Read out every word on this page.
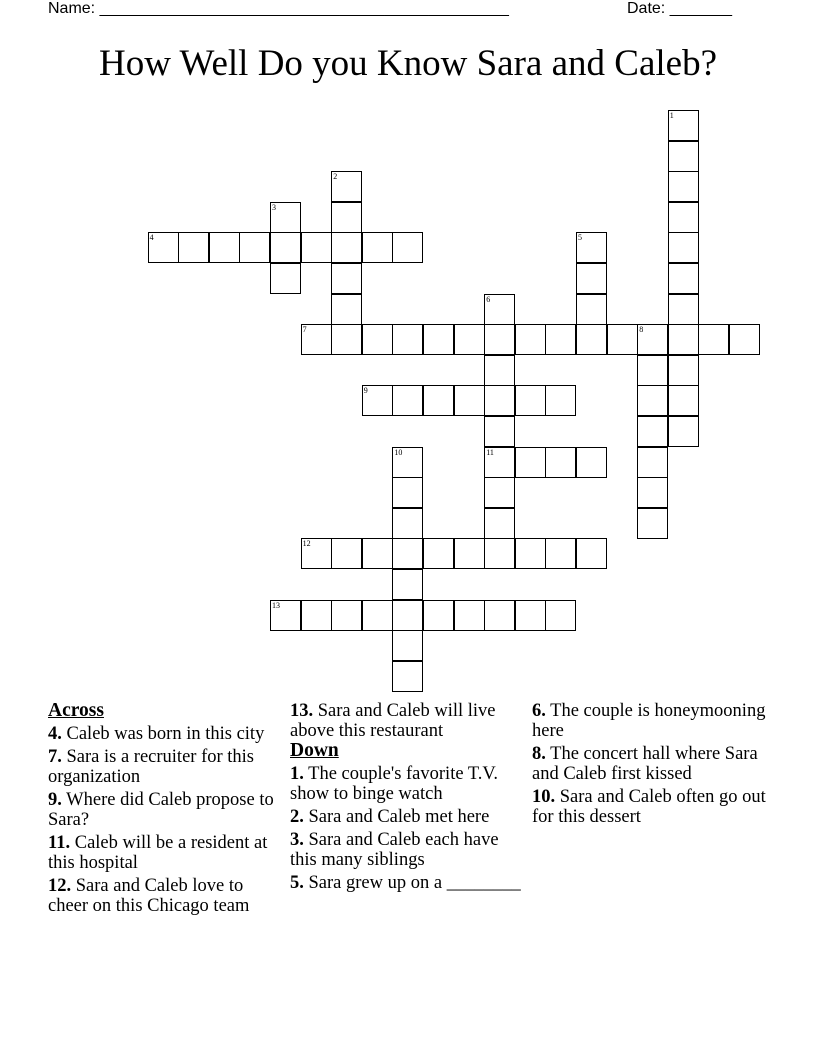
Name: ______________________________________________	Date: _______
How Well Do you Know Sara and Caleb?
1
2
3
4	5
6
11
7	8
9
10
12
13
Across
4. Caleb was born in this city
7. Sara is a recruiter for this organization
9. Where did Caleb propose to Sara?
11. Caleb will be a resident at this hospital
12. Sara and Caleb love to cheer on this Chicago team
13. Sara and Caleb will live above this restaurant
Down
1. The couple's favorite T.V. show to binge watch
2. Sara and Caleb met here
3. Sara and Caleb each have this many siblings
5. Sara grew up on a ________
6. The couple is honeymooning here
8. The concert hall where Sara and Caleb first kissed
10. Sara and Caleb often go out for this dessert
